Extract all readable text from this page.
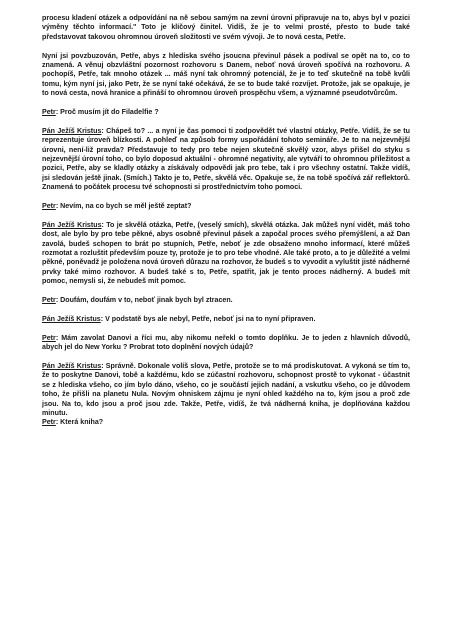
procesu kladení otázek a odpovídání na ně sebou samým na zevní úrovni připravuje na to, abys byl v pozici výměny těchto informací." Toto je klíčový činitel. Vidíš, že je to velmi prosté, přesto to bude také představovat takovou ohromnou úroveň složitosti ve svém vývoji. Je to nová cesta, Petře.

Nyní jsi povzbuzován, Petře, abys z hlediska svého jsoucna převinul pásek a podíval se opět na to, co to znamená. A věnuj obzvláštní pozornost rozhovoru s Danem, neboť nová úroveň spočívá na rozhovoru. A pochopíš, Petře, tak mnoho otázek ... máš nyní tak ohromný potenciál, že je to teď skutečně na tobě kvůli tomu, kým nyní jsi, jako Petr, že se nyní také očekává, že se to bude také rozvíjet. Protože, jak se opakuje, je to nová cesta, nová hranice a přináší to ohromnou úroveň prospěchu všem, a významné pseudotvůrcům.

Petr: Proč musím jít do Filadelfie ?

Pán Ježíš Kristus: Chápeš to? ... a nyní je čas pomoci ti zodpovědět tvé vlastní otázky, Petře. Vidíš, že se tu reprezentuje úroveň blízkosti. A pohleď na způsob formy uspořádání tohoto semináře. Je to na nejzevnější úrovni, není-liž pravda? Představuje to tedy pro tebe nejen skutečně skvělý vzor, abys přišel do styku s nejzevnější úrovní toho, co bylo doposud aktuální - ohromné negativity, ale vytváří to ohromnou příležitost a pozici, Petře, aby se kladly otázky a získávaly odpovědi jak pro tebe, tak i pro všechny ostatní. Takže vidíš, jsi sledován ještě jinak. (Smích.) Takto je to, Petře, skvělá věc. Opakuje se, že na tobě spočívá zář reflektorů. Znamená to počátek procesu tvé schopnosti si prostřednictvím toho pomoci.

Petr: Nevím, na co bych se měl ještě zeptat?

Pán Ježíš Kristus: To je skvělá otázka, Petře, (veselý smích), skvělá otázka. Jak můžeš nyní vidět, máš toho dost, ale bylo by pro tebe pěkné, abys osobně převinul pásek a započal proces svého přemýšlení, a až Dan zavolá, budeš schopen to brát po stupních, Petře, neboť je zde obsaženo mnoho informací, které můžeš rozmotat a rozluštit především pouze ty, protože je to pro tebe vhodné. Ale také proto, a to je důležité a velmi pěkné, poněvadž je položena nová úroveň důrazu na rozhovor, že budeš s to vyvodit a vyluštit jisté nádherné prvky také mimo rozhovor. A budeš také s to, Petře, spatřit, jak je tento proces nádherný. A budeš mít pomoc, nemysli si, že nebudeš mít pomoc.

Petr: Doufám, doufám v to, neboť jinak bych byl ztracen.

Pán Ježíš Kristus: V podstatě bys ale nebyl, Petře, neboť jsi na to nyní připraven.

Petr: Mám zavolat Danovi a říci mu, aby nikomu neřekl o tomto doplňku. Je to jeden z hlavních důvodů, abych jel do New Yorku ? Probrat toto doplnění nových údajů?

Pán Ježíš Kristus: Správně. Dokonale volíš slova, Petře, protože se to má prodiskutovat. A vykoná se tím to, že to poskytne Danovi, tobě a každému, kdo se zúčastní rozhovoru, schopnost prostě to vykonat - účastnit se z hlediska všeho, co jím bylo dáno, všeho, co je součástí jejich nadání, a vskutku všeho, co je důvodem toho, že přišli na planetu Nula. Novým ohniskem zájmu je nyní ohled každého na to, kým jsou a proč zde jsou. Na to, kdo jsou a proč jsou zde. Takže, Petře, vidíš, že tvá nádherná kniha, je doplňována každou minutu.

Petr: Která kniha?
